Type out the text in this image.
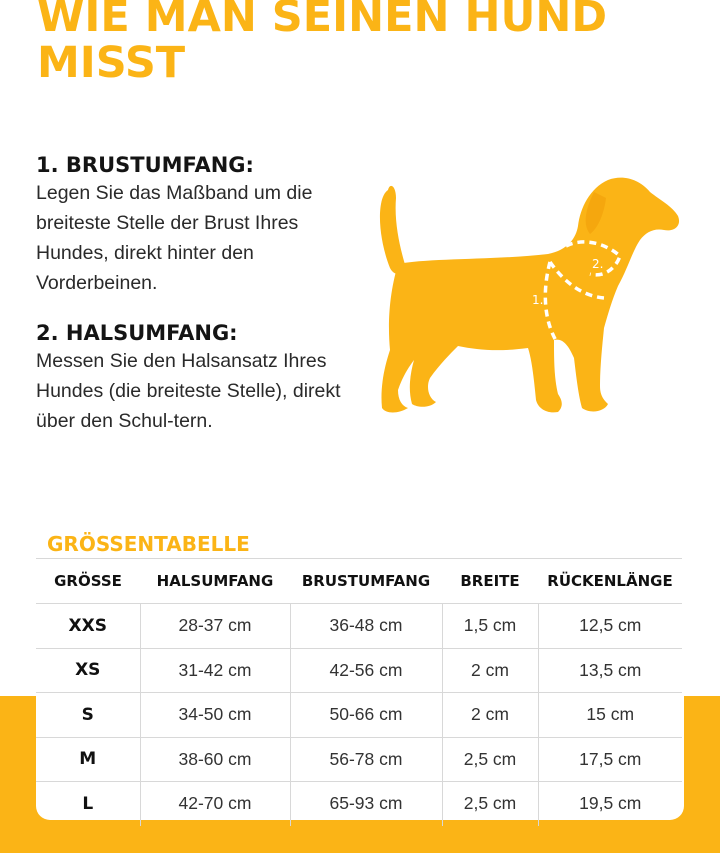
WIE MAN SEINEN HUND MISST
1. BRUSTUMFANG:

Legen Sie das Maßband um die breiteste Stelle der Brust Ihres Hundes, direkt hinter den Vorderbeinen.

2. HALSUMFANG:

Messen Sie den Halsansatz Ihres Hundes (die breiteste Stelle), direkt über den Schul-tern.

1.
2.
GRÖSSENTABELLE
GRÖSSE	HALSUMFANG	BRUSTUMFANG	BREITE	RÜCKENLÄNGE
XXS	28-37 cm	36-48 cm	1,5 cm	12,5 cm
XS	31-42 cm	42-56 cm	2 cm	13,5 cm
S	34-50 cm	50-66 cm	2 cm	15 cm
M	38-60 cm	56-78 cm	2,5 cm	17,5 cm
L	42-70 cm	65-93 cm	2,5 cm	19,5 cm
